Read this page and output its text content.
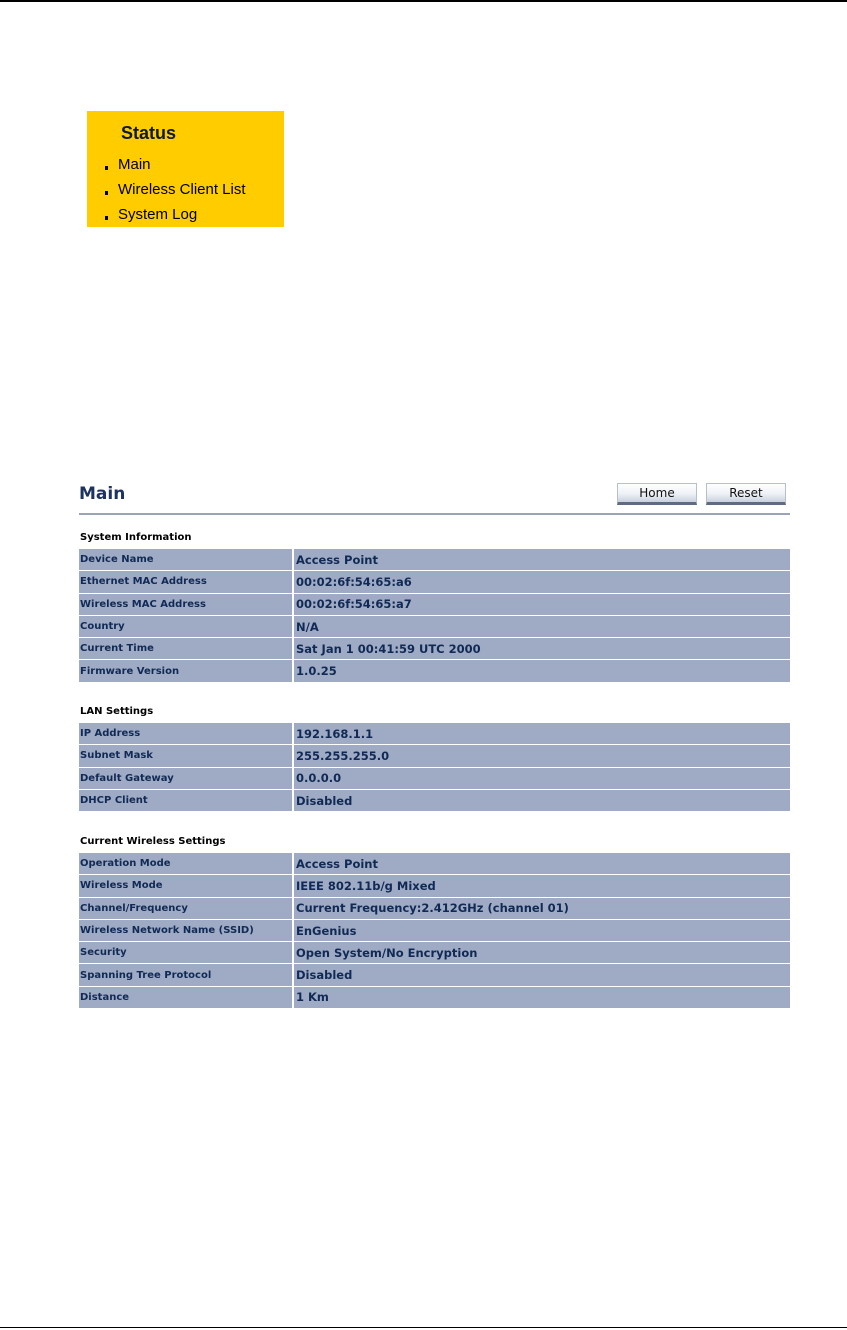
Status
Main
Wireless Client List
System Log
Main	Home	Reset
System Information
Device Name	Access Point
Ethernet MAC Address	00:02:6f:54:65:a6
Wireless MAC Address	00:02:6f:54:65:a7
Country	N/A
Current Time	Sat Jan 1 00:41:59 UTC 2000
Firmware Version	1.0.25
LAN Settings
IP Address	192.168.1.1
Subnet Mask	255.255.255.0
Default Gateway	0.0.0.0
DHCP Client	Disabled
Current Wireless Settings
Operation Mode	Access Point
Wireless Mode	IEEE 802.11b/g Mixed
Channel/Frequency	Current Frequency:2.412GHz (channel 01)
Wireless Network Name (SSID)	EnGenius
Security	Open System/No Encryption
Spanning Tree Protocol	Disabled
Distance	1 Km
